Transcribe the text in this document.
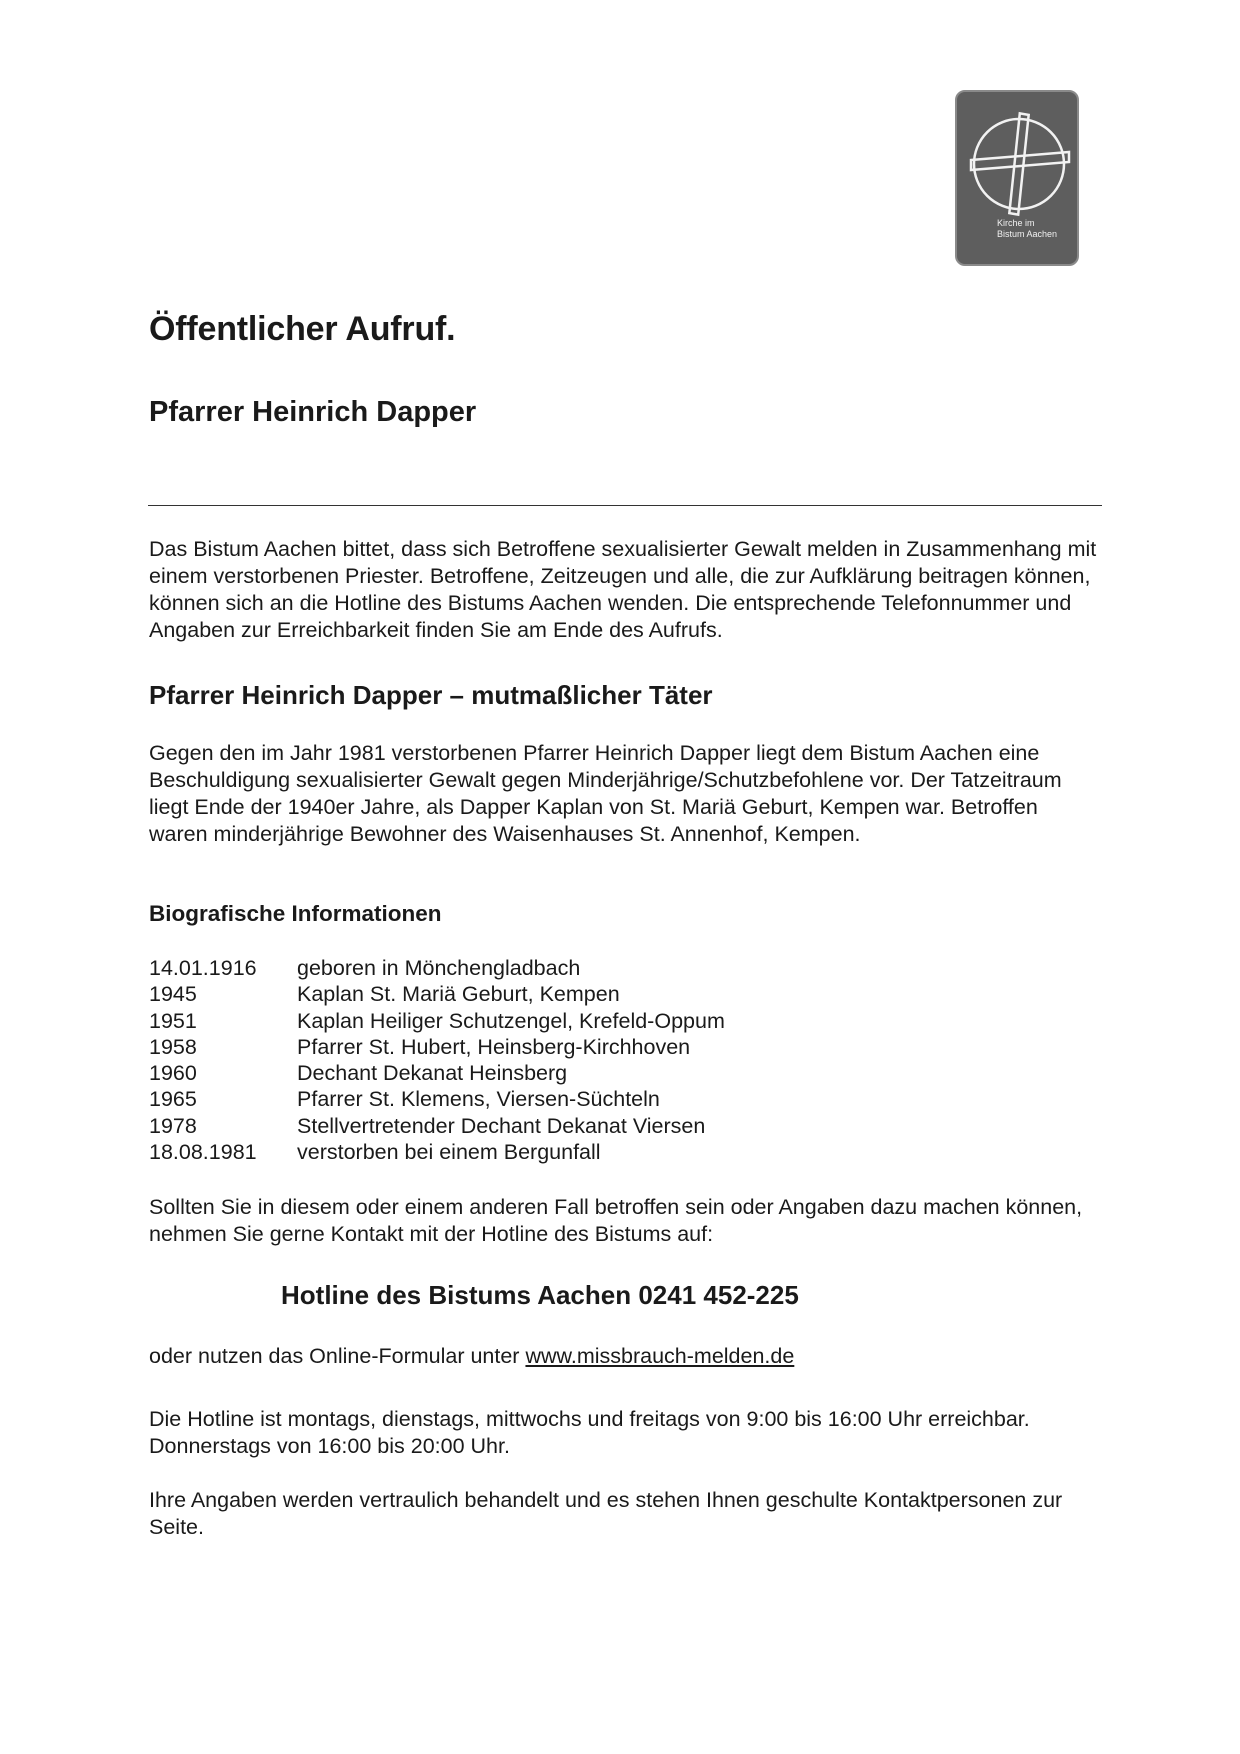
Kirche im
Bistum Aachen
Öffentlicher Aufruf.
Pfarrer Heinrich Dapper

Das Bistum Aachen bittet, dass sich Betroffene sexualisierter Gewalt melden in Zusammenhang mit einem verstorbenen Priester. Betroffene, Zeitzeugen und alle, die zur Aufklärung beitragen können, können sich an die Hotline des Bistums Aachen wenden. Die entsprechende Telefonnummer und Angaben zur Erreichbarkeit finden Sie am Ende des Aufrufs.

Pfarrer Heinrich Dapper – mutmaßlicher Täter

Gegen den im Jahr 1981 verstorbenen Pfarrer Heinrich Dapper liegt dem Bistum Aachen eine Beschuldigung sexualisierter Gewalt gegen Minderjährige/Schutzbefohlene vor. Der Tatzeitraum liegt Ende der 1940er Jahre, als Dapper Kaplan von St. Mariä Geburt, Kempen war. Betroffen waren minderjährige Bewohner des Waisenhauses St. Annenhof, Kempen.

Biografische Informationen
14.01.1916	geboren in Mönchengladbach
1945	Kaplan St. Mariä Geburt, Kempen
1951	Kaplan Heiliger Schutzengel, Krefeld-Oppum
1958	Pfarrer St. Hubert, Heinsberg-Kirchhoven
1960	Dechant Dekanat Heinsberg
1965	Pfarrer St. Klemens, Viersen-Süchteln
1978	Stellvertretender Dechant Dekanat Viersen
18.08.1981	verstorben bei einem Bergunfall

Sollten Sie in diesem oder einem anderen Fall betroffen sein oder Angaben dazu machen können, nehmen Sie gerne Kontakt mit der Hotline des Bistums auf:

Hotline des Bistums Aachen 0241 452-225

oder nutzen das Online-Formular unter www.missbrauch-melden.de

Die Hotline ist montags, dienstags, mittwochs und freitags von 9:00 bis 16:00 Uhr erreichbar.
Donnerstags von 16:00 bis 20:00 Uhr.

Ihre Angaben werden vertraulich behandelt und es stehen Ihnen geschulte Kontaktpersonen zur Seite.
